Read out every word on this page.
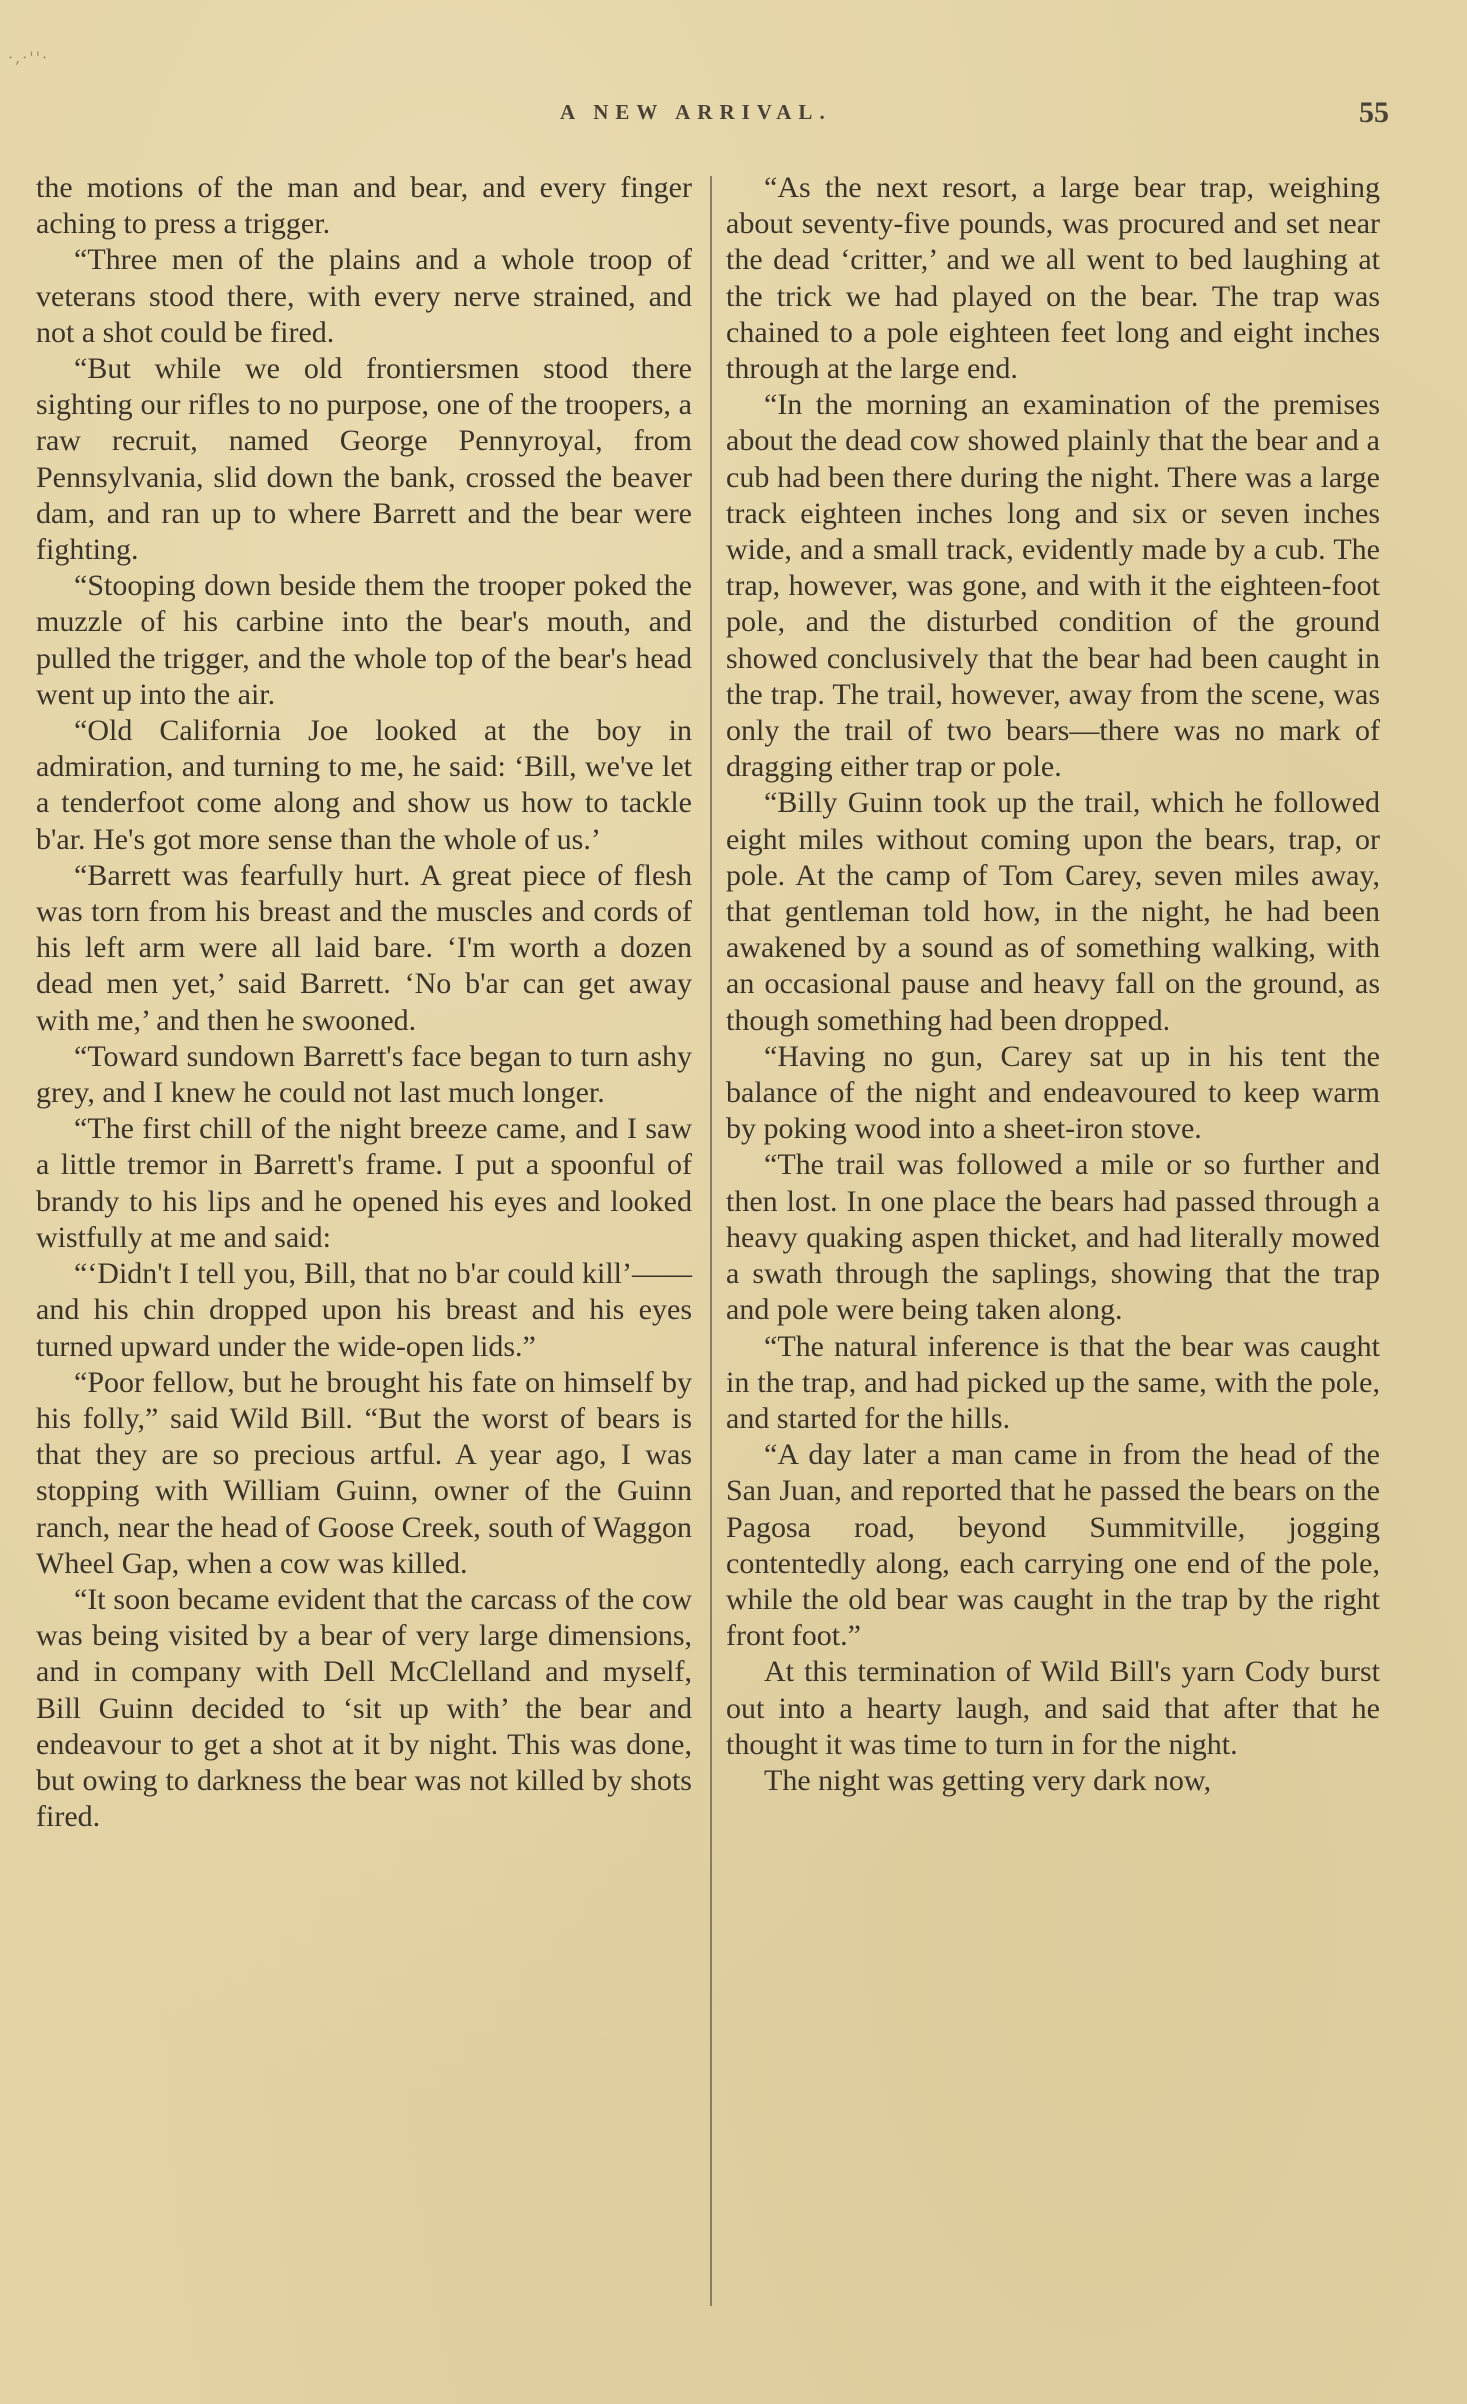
·,·''·
A NEW ARRIVAL.	55

the motions of the man and bear, and every finger aching to press a trigger.

“Three men of the plains and a whole troop of veterans stood there, with every nerve strained, and not a shot could be fired.

“But while we old frontiersmen stood there sighting our rifles to no purpose, one of the troopers, a raw recruit, named George Pennyroyal, from Pennsylvania, slid down the bank, crossed the beaver dam, and ran up to where Barrett and the bear were fighting.

“Stooping down beside them the trooper poked the muzzle of his carbine into the bear's mouth, and pulled the trigger, and the whole top of the bear's head went up into the air.

“Old California Joe looked at the boy in admiration, and turning to me, he said: ‘Bill, we've let a tenderfoot come along and show us how to tackle b'ar. He's got more sense than the whole of us.’

“Barrett was fearfully hurt. A great piece of flesh was torn from his breast and the muscles and cords of his left arm were all laid bare. ‘I'm worth a dozen dead men yet,’ said Barrett. ‘No b'ar can get away with me,’ and then he swooned.

“Toward sundown Barrett's face began to turn ashy grey, and I knew he could not last much longer.

“The first chill of the night breeze came, and I saw a little tremor in Barrett's frame. I put a spoonful of brandy to his lips and he opened his eyes and looked wistfully at me and said:

“‘Didn't I tell you, Bill, that no b'ar could kill’—— and his chin dropped upon his breast and his eyes turned upward under the wide-open lids.”

“Poor fellow, but he brought his fate on himself by his folly,” said Wild Bill. “But the worst of bears is that they are so precious artful. A year ago, I was stopping with William Guinn, owner of the Guinn ranch, near the head of Goose Creek, south of Waggon Wheel Gap, when a cow was killed.

“It soon became evident that the carcass of the cow was being visited by a bear of very large dimensions, and in company with Dell McClelland and myself, Bill Guinn decided to ‘sit up with’ the bear and endeavour to get a shot at it by night. This was done, but owing to darkness the bear was not killed by shots fired.

“As the next resort, a large bear trap, weighing about seventy-five pounds, was procured and set near the dead ‘critter,’ and we all went to bed laughing at the trick we had played on the bear. The trap was chained to a pole eighteen feet long and eight inches through at the large end.

“In the morning an examination of the premises about the dead cow showed plainly that the bear and a cub had been there during the night. There was a large track eighteen inches long and six or seven inches wide, and a small track, evidently made by a cub. The trap, however, was gone, and with it the eighteen-foot pole, and the disturbed condition of the ground showed conclusively that the bear had been caught in the trap. The trail, however, away from the scene, was only the trail of two bears—there was no mark of dragging either trap or pole.

“Billy Guinn took up the trail, which he followed eight miles without coming upon the bears, trap, or pole. At the camp of Tom Carey, seven miles away, that gentleman told how, in the night, he had been awakened by a sound as of something walking, with an occasional pause and heavy fall on the ground, as though something had been dropped.

“Having no gun, Carey sat up in his tent the balance of the night and endeavoured to keep warm by poking wood into a sheet-iron stove.

“The trail was followed a mile or so further and then lost. In one place the bears had passed through a heavy quaking aspen thicket, and had literally mowed a swath through the saplings, showing that the trap and pole were being taken along.

“The natural inference is that the bear was caught in the trap, and had picked up the same, with the pole, and started for the hills.

“A day later a man came in from the head of the San Juan, and reported that he passed the bears on the Pagosa road, beyond Summitville, jogging contentedly along, each carrying one end of the pole, while the old bear was caught in the trap by the right front foot.”

At this termination of Wild Bill's yarn Cody burst out into a hearty laugh, and said that after that he thought it was time to turn in for the night.

The night was getting very dark now,
